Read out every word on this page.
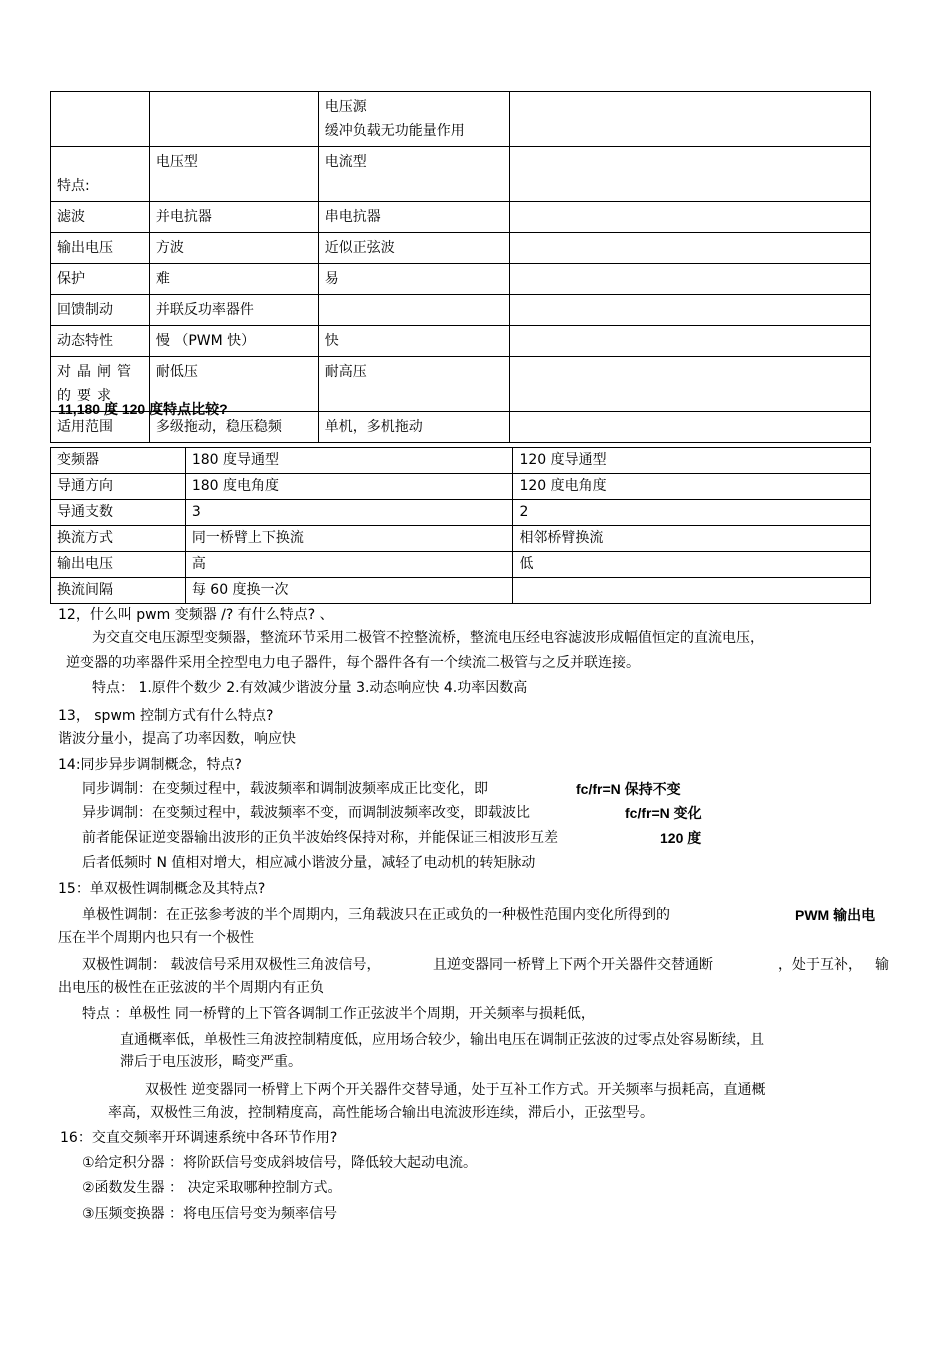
		电压源
缓冲负载无功能量作用	

特点:	电压型	电流型	
滤波	并电抗器	串电抗器	
输出电压	方波	近似正弦波	
保护	难	易	
回馈制动	并联反功率器件		
动态特性	慢 （PWM 快）	快	
对晶闸管
的要求	耐低压	耐高压	
适用范围	多级拖动，稳压稳频	单机，多机拖动	
11,180 度 120 度特点比较?
变频器	180 度导通型	120 度导通型
导通方向	180 度电角度	120 度电角度
导通支数	3	2
换流方式	同一桥臂上下换流	相邻桥臂换流
输出电压	高	低
换流间隔	每 60 度换一次	
12，什么叫 pwm 变频器 /? 有什么特点? 、
为交直交电压源型变频器，整流环节采用二极管不控整流桥，整流电压经电容滤波形成幅值恒定的直流电压，
逆变器的功率器件采用全控型电力电子器件，每个器件各有一个续流二极管与之反并联连接。
特点： 1.原件个数少 2.有效减少谐波分量 3.动态响应快 4.功率因数高
13， spwm 控制方式有什么特点?
谐波分量小，提高了功率因数，响应快
14:同步异步调制概念，特点?
同步调制：在变频过程中，载波频率和调制波频率成正比变化，即	fc/fr=N 保持不变
异步调制：在变频过程中，载波频率不变，而调制波频率改变，即载波比	fc/fr=N 变化
前者能保证逆变器输出波形的正负半波始终保持对称，并能保证三相波形互差	120 度
后者低频时 N 值相对增大，相应减小谐波分量，减轻了电动机的转矩脉动
15：单双极性调制概念及其特点?
单极性调制：在正弦参考波的半个周期内，三角载波只在正或负的一种极性范围内变化所得到的	PWM 输出电
压在半个周期内也只有一个极性
双极性调制： 载波信号采用双极性三角波信号，	且逆变器同一桥臂上下两个开关器件交替通断	，处于互补， 输
出电压的极性在正弦波的半个周期内有正负
特点 ：单极性 同一桥臂的上下管各调制工作正弦波半个周期，开关频率与损耗低，
直通概率低，单极性三角波控制精度低，应用场合较少，输出电压在调制正弦波的过零点处容易断续，且
滞后于电压波形，畸变严重。
双极性 逆变器同一桥臂上下两个开关器件交替导通，处于互补工作方式。开关频率与损耗高，直通概
率高，双极性三角波，控制精度高，高性能场合输出电流波形连续，滞后小，正弦型号。
16：交直交频率开环调速系统中各环节作用?
①给定积分器 ：将阶跃信号变成斜坡信号，降低较大起动电流。
②函数发生器 ： 决定采取哪种控制方式。
③压频变换器 ：将电压信号变为频率信号
